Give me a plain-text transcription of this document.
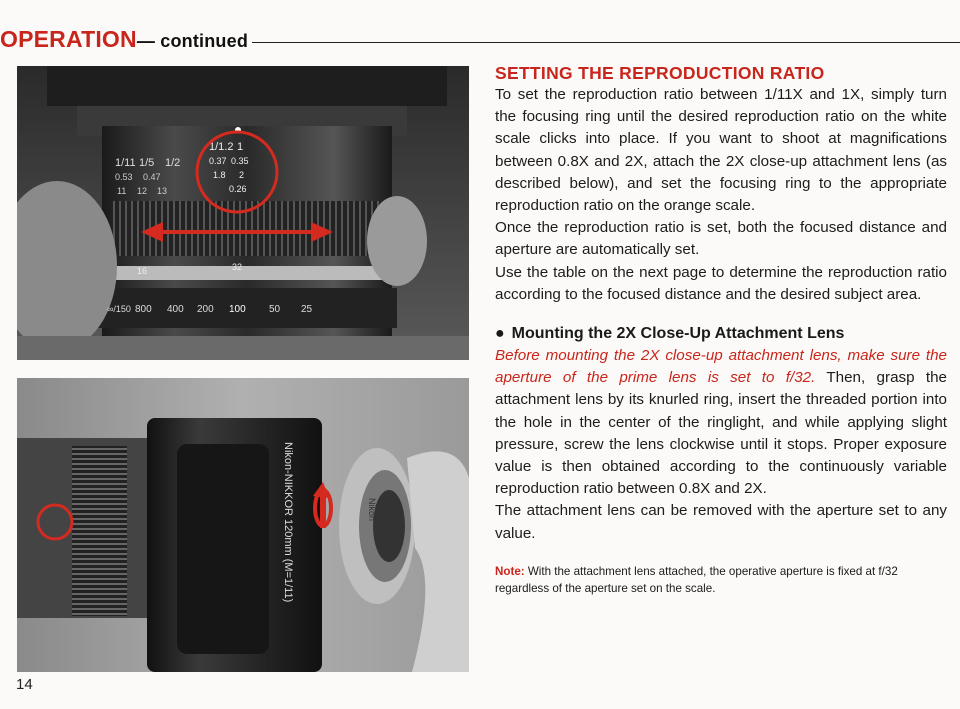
OPERATION— continued
1/11 1/5 1/2
1/1.2 1
0.53 0.47
0.37 0.35
11 12 13
1.8 2
0.26
16	32
∞/150 800 400 200 100 50 25
Nikon-NIKKOR 120mm (M=1/11)	Nikon
SETTING THE REPRODUCTION RATIO

To set the reproduction ratio between 1/11X and 1X, simply turn the focusing ring until the desired reproduction ratio on the white scale clicks into place. If you want to shoot at magnifications between 0.8X and 2X, attach the 2X close-up attachment lens (as described below), and set the focusing ring to the appropriate reproduction ratio on the orange scale.

Once the reproduction ratio is set, both the focused distance and aperture are automatically set.

Use the table on the next page to determine the reproduction ratio according to the focused distance and the desired subject area.

● Mounting the 2X Close-Up Attachment Lens

Before mounting the 2X close-up attachment lens, make sure the aperture of the prime lens is set to f/32. Then, grasp the attachment lens by its knurled ring, insert the threaded portion into the hole in the center of the ringlight, and while applying slight pressure, screw the lens clockwise until it stops. Proper exposure value is then obtained according to the continuously variable reproduction ratio between 0.8X and 2X.

The attachment lens can be removed with the aperture set to any value.

Note: With the attachment lens attached, the operative aperture is fixed at f/32 regardless of the aperture set on the scale.

14
